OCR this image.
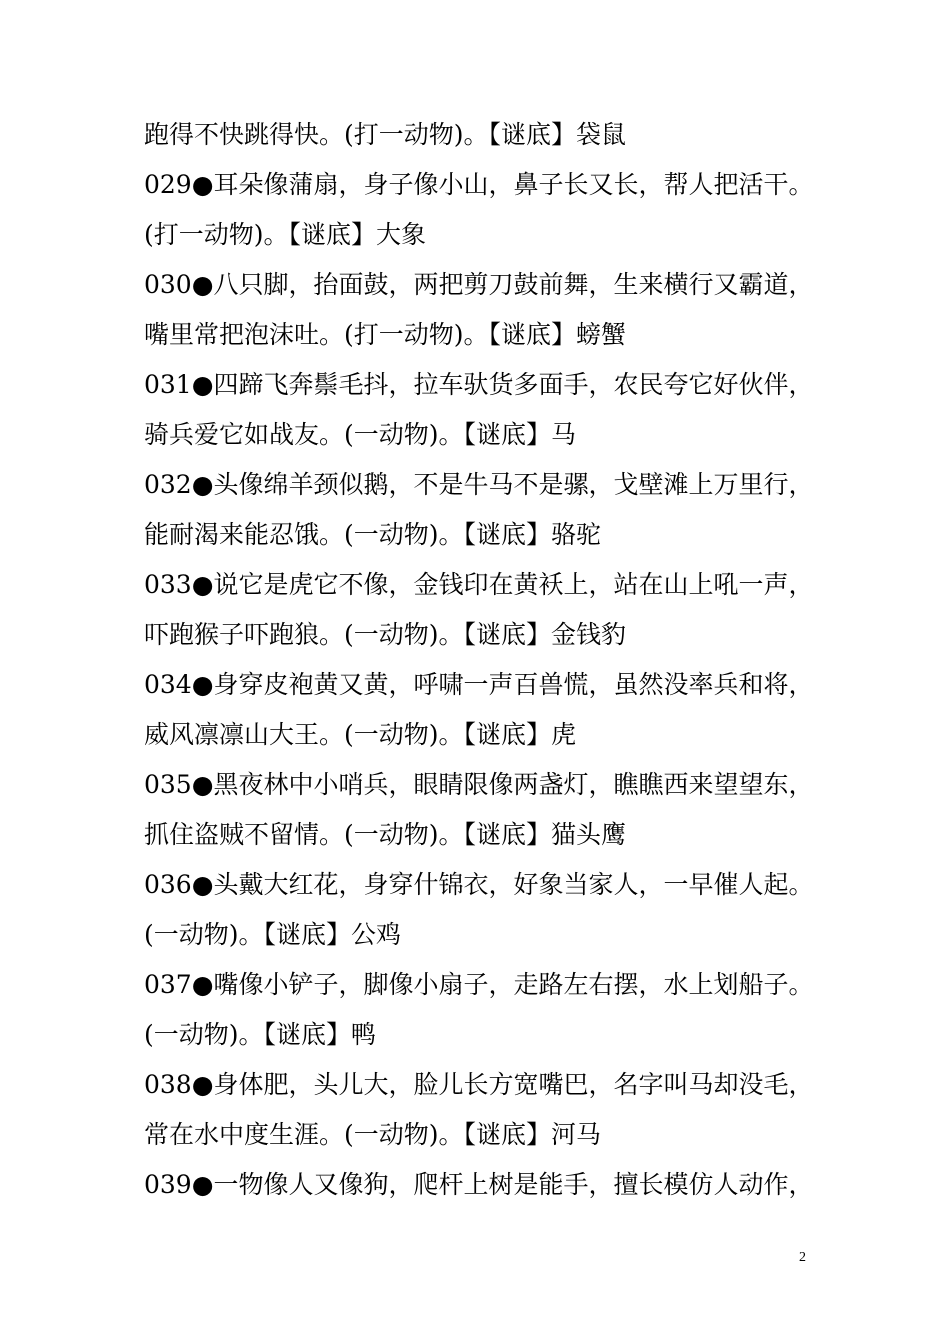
跑得不快跳得快。(打一动物)。【谜底】袋鼠
029●耳朵像蒲扇，身子像小山，鼻子长又长，帮人把活干。
(打一动物)。【谜底】大象
030●八只脚，抬面鼓，两把剪刀鼓前舞，生来横行又霸道，
嘴里常把泡沫吐。(打一动物)。【谜底】螃蟹
031●四蹄飞奔鬃毛抖，拉车驮货多面手，农民夸它好伙伴，
骑兵爱它如战友。(一动物)。【谜底】马
032●头像绵羊颈似鹅，不是牛马不是骡，戈壁滩上万里行，
能耐渴来能忍饿。(一动物)。【谜底】骆驼
033●说它是虎它不像，金钱印在黄袄上，站在山上吼一声，
吓跑猴子吓跑狼。(一动物)。【谜底】金钱豹
034●身穿皮袍黄又黄，呼啸一声百兽慌，虽然没率兵和将，
威风凛凛山大王。(一动物)。【谜底】虎
035●黑夜林中小哨兵，眼睛限像两盏灯，瞧瞧西来望望东，
抓住盗贼不留情。(一动物)。【谜底】猫头鹰
036●头戴大红花，身穿什锦衣，好象当家人，一早催人起。
(一动物)。【谜底】公鸡
037●嘴像小铲子，脚像小扇子，走路左右摆，水上划船子。
(一动物)。【谜底】鸭
038●身体肥，头儿大，脸儿长方宽嘴巴，名字叫马却没毛，
常在水中度生涯。(一动物)。【谜底】河马
039●一物像人又像狗，爬杆上树是能手，擅长模仿人动作，
2
